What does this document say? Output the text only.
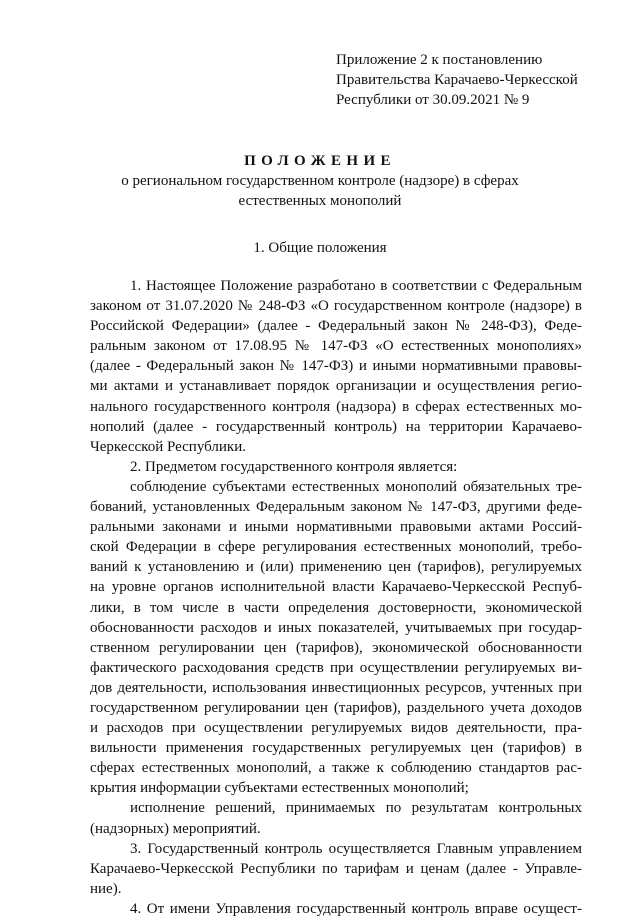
Приложение 2 к постановлению
Правительства Карачаево-Черкесской
Республики от 30.09.2021 № 9
ПОЛОЖЕНИЕ
о региональном государственном контроле (надзоре) в сферах
естественных монополий
1. Общие положения
1. Настоящее Положение разработано в соответствии с Федеральным
законом от 31.07.2020 № 248-ФЗ «О государственном контроле (надзоре) в
Российской Федерации» (далее - Федеральный закон № 248-ФЗ), Феде-
ральным законом от 17.08.95 № 147-ФЗ «О естественных монополиях»
(далее - Федеральный закон № 147-ФЗ) и иными нормативными правовы-
ми актами и устанавливает порядок организации и осуществления регио-
нального государственного контроля (надзора) в сферах естественных мо-
нополий (далее - государственный контроль) на территории Карачаево-
Черкесской Республики.
2. Предметом государственного контроля является:
соблюдение субъектами естественных монополий обязательных тре-
бований, установленных Федеральным законом № 147-ФЗ, другими феде-
ральными законами и иными нормативными правовыми актами Россий-
ской Федерации в сфере регулирования естественных монополий, требо-
ваний к установлению и (или) применению цен (тарифов), регулируемых
на уровне органов исполнительной власти Карачаево-Черкесской Респуб-
лики, в том числе в части определения достоверности, экономической
обоснованности расходов и иных показателей, учитываемых при государ-
ственном регулировании цен (тарифов), экономической обоснованности
фактического расходования средств при осуществлении регулируемых ви-
дов деятельности, использования инвестиционных ресурсов, учтенных при
государственном регулировании цен (тарифов), раздельного учета доходов
и расходов при осуществлении регулируемых видов деятельности, пра-
вильности применения государственных регулируемых цен (тарифов) в
сферах естественных монополий, а также к соблюдению стандартов рас-
крытия информации субъектами естественных монополий;
исполнение решений, принимаемых по результатам контрольных
(надзорных) мероприятий.
3. Государственный контроль осуществляется Главным управлением
Карачаево-Черкесской Республики по тарифам и ценам (далее - Управле-
ние).
4. От имени Управления государственный контроль вправе осущест-
